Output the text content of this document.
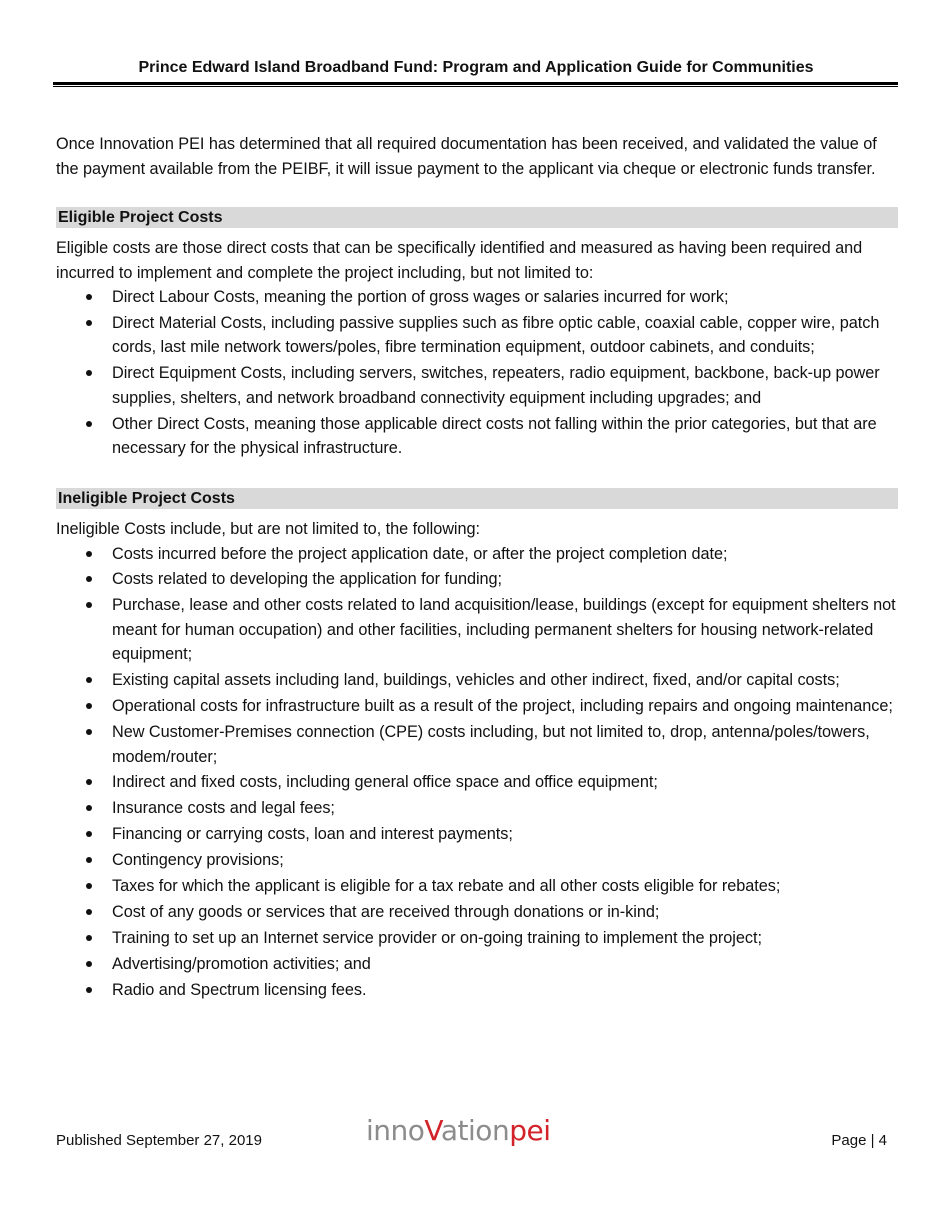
Prince Edward Island Broadband Fund: Program and Application Guide for Communities

Once Innovation PEI has determined that all required documentation has been received, and validated the value of the payment available from the PEIBF, it will issue payment to the applicant via cheque or electronic funds transfer.

Eligible Project Costs

Eligible costs are those direct costs that can be specifically identified and measured as having been required and incurred to implement and complete the project including, but not limited to:

Direct Labour Costs, meaning the portion of gross wages or salaries incurred for work;
Direct Material Costs, including passive supplies such as fibre optic cable, coaxial cable, copper wire, patch cords, last mile network towers/poles, fibre termination equipment, outdoor cabinets, and conduits;
Direct Equipment Costs, including servers, switches, repeaters, radio equipment, backbone, back-up power supplies, shelters, and network broadband connectivity equipment including upgrades; and
Other Direct Costs, meaning those applicable direct costs not falling within the prior categories, but that are necessary for the physical infrastructure.
Ineligible Project Costs

Ineligible Costs include, but are not limited to, the following:

Costs incurred before the project application date, or after the project completion date;
Costs related to developing the application for funding;
Purchase, lease and other costs related to land acquisition/lease, buildings (except for equipment shelters not meant for human occupation) and other facilities, including permanent shelters for housing network-related equipment;
Existing capital assets including land, buildings, vehicles and other indirect, fixed, and/or capital costs;
Operational costs for infrastructure built as a result of the project, including repairs and ongoing maintenance;
New Customer-Premises connection (CPE) costs including, but not limited to, drop, antenna/poles/towers, modem/router;
Indirect and fixed costs, including general office space and office equipment;
Insurance costs and legal fees;
Financing or carrying costs, loan and interest payments;
Contingency provisions;
Taxes for which the applicant is eligible for a tax rebate and all other costs eligible for rebates;
Cost of any goods or services that are received through donations or in-kind;
Training to set up an Internet service provider or on-going training to implement the project;
Advertising/promotion activities; and
Radio and Spectrum licensing fees.
Published September 27, 2019	innoVationpei	Page | 4
